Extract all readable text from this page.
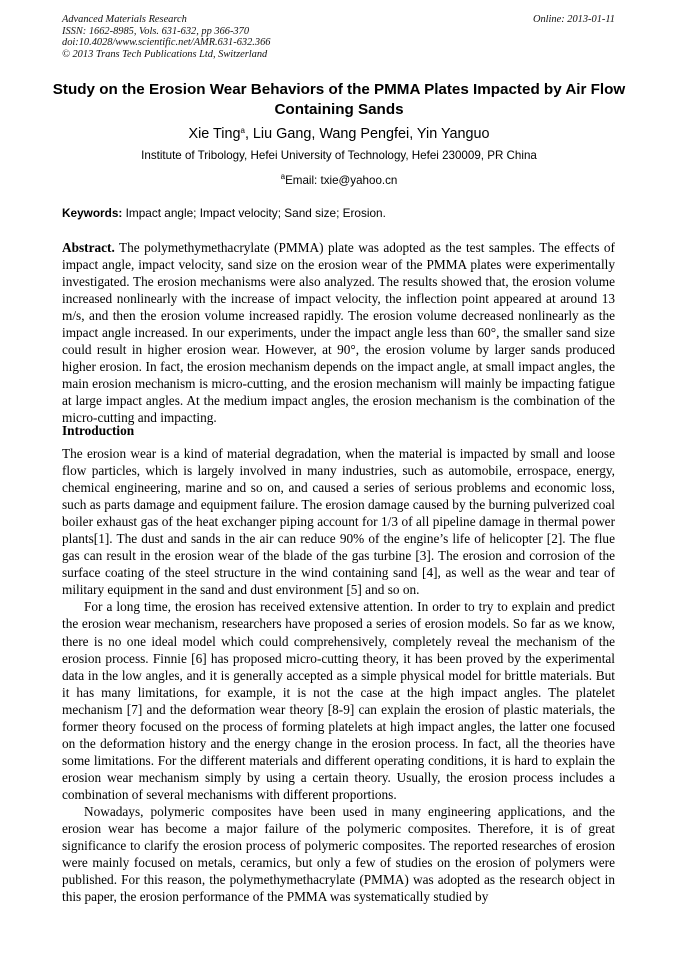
Advanced Materials Research
ISSN: 1662-8985, Vols. 631-632, pp 366-370
doi:10.4028/www.scientific.net/AMR.631-632.366
© 2013 Trans Tech Publications Ltd, Switzerland
Online: 2013-01-11
Study on the Erosion Wear Behaviors of the PMMA Plates Impacted by Air Flow Containing Sands
Xie Ting$^a$, Liu Gang, Wang Pengfei, Yin Yanguo
Institute of Tribology, Hefei University of Technology, Hefei 230009, PR China
$^a$Email: txie@yahoo.cn
Keywords: Impact angle; Impact velocity; Sand size; Erosion.
Abstract. The polymethymethacrylate (PMMA) plate was adopted as the test samples. The effects of impact angle, impact velocity, sand size on the erosion wear of the PMMA plates were experimentally investigated. The erosion mechanisms were also analyzed. The results showed that, the erosion volume increased nonlinearly with the increase of impact velocity, the inflection point appeared at around 13 m/s, and then the erosion volume increased rapidly. The erosion volume decreased nonlinearly as the impact angle increased. In our experiments, under the impact angle less than 60°, the smaller sand size could result in higher erosion wear. However, at 90°, the erosion volume by larger sands produced higher erosion. In fact, the erosion mechanism depends on the impact angle, at small impact angles, the main erosion mechanism is micro-cutting, and the erosion mechanism will mainly be impacting fatigue at large impact angles. At the medium impact angles, the erosion mechanism is the combination of the micro-cutting and impacting.
Introduction

The erosion wear is a kind of material degradation, when the material is impacted by small and loose flow particles, which is largely involved in many industries, such as automobile, errospace, energy, chemical engineering, marine and so on, and caused a series of serious problems and economic loss, such as parts damage and equipment failure. The erosion damage caused by the burning pulverized coal boiler exhaust gas of the heat exchanger piping account for 1/3 of all pipeline damage in thermal power plants[1]. The dust and sands in the air can reduce 90% of the engine’s life of helicopter [2]. The flue gas can result in the erosion wear of the blade of the gas turbine [3]. The erosion and corrosion of the surface coating of the steel structure in the wind containing sand [4], as well as the wear and tear of military equipment in the sand and dust environment [5] and so on.

For a long time, the erosion has received extensive attention. In order to try to explain and predict the erosion wear mechanism, researchers have proposed a series of erosion models. So far as we know, there is no one ideal model which could comprehensively, completely reveal the mechanism of the erosion process. Finnie [6] has proposed micro-cutting theory, it has been proved by the experimental data in the low angles, and it is generally accepted as a simple physical model for brittle materials. But it has many limitations, for example, it is not the case at the high impact angles. The platelet mechanism [7] and the deformation wear theory [8-9] can explain the erosion of plastic materials, the former theory focused on the process of forming platelets at high impact angles, the latter one focused on the deformation history and the energy change in the erosion process. In fact, all the theories have some limitations. For the different materials and different operating conditions, it is hard to explain the erosion wear mechanism simply by using a certain theory. Usually, the erosion process includes a combination of several mechanisms with different proportions.

Nowadays, polymeric composites have been used in many engineering applications, and the erosion wear has become a major failure of the polymeric composites. Therefore, it is of great significance to clarify the erosion process of polymeric composites. The reported researches of erosion were mainly focused on metals, ceramics, but only a few of studies on the erosion of polymers were published. For this reason, the polymethymethacrylate (PMMA) was adopted as the research object in this paper, the erosion performance of the PMMA was systematically studied by
